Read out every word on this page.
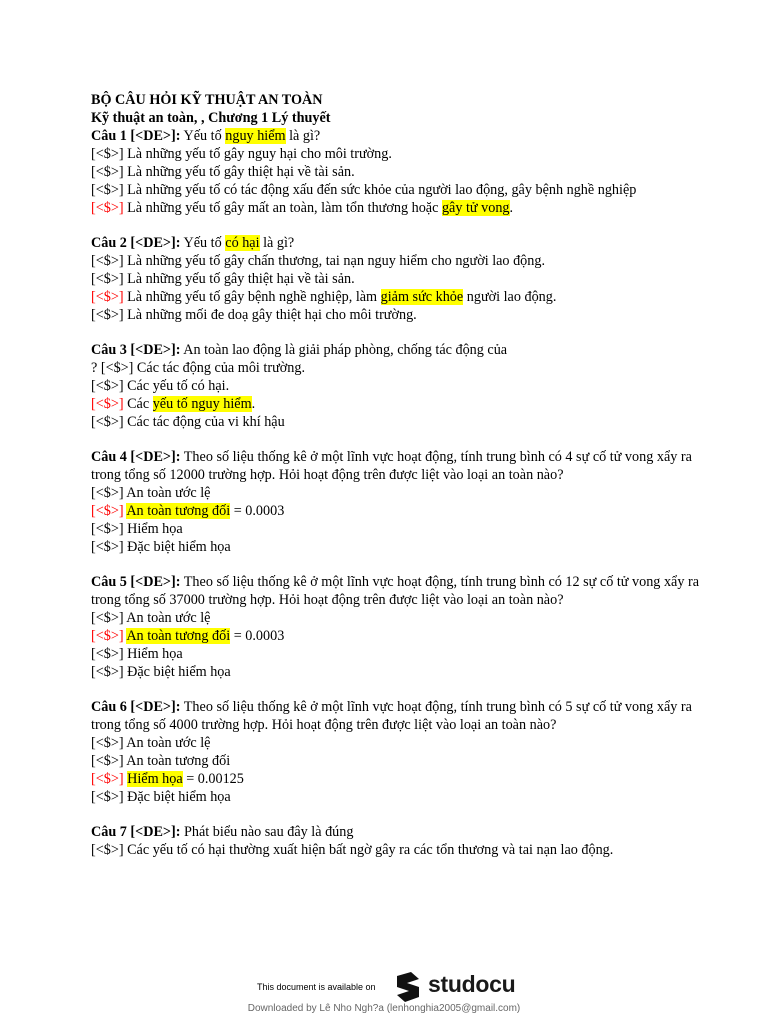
BỘ CÂU HỎI KỸ THUẬT AN TOÀN
Kỹ thuật an toàn, , Chương 1 Lý thuyết
Câu 1 [<DE>]: Yếu tố nguy hiểm là gì?
[<$>] Là những yếu tố gây nguy hại cho môi trường.
[<$>] Là những yếu tố gây thiệt hại về tài sản.
[<$>] Là những yếu tố có tác động xấu đến sức khỏe của người lao động, gây bệnh nghề nghiệp
[<$>] Là những yếu tố gây mất an toàn, làm tổn thương hoặc gây tử vong.
Câu 2 [<DE>]: Yếu tố có hại là gì?
[<$>] Là những yếu tố gây chấn thương, tai nạn nguy hiểm cho người lao động.
[<$>] Là những yếu tố gây thiệt hại về tài sản.
[<$>] Là những yếu tố gây bệnh nghề nghiệp, làm giảm sức khỏe người lao động.
[<$>] Là những mối đe doạ gây thiệt hại cho môi trường.
Câu 3 [<DE>]: An toàn lao động là giải pháp phòng, chống tác động của
? [<$>] Các tác động của môi trường.
[<$>] Các yếu tố có hại.
[<$>] Các yếu tố nguy hiểm.
[<$>] Các tác động của vi khí hậu
Câu 4 [<DE>]: Theo số liệu thống kê ở một lĩnh vực hoạt động, tính trung bình có 4 sự cố tử vong xẩy ra trong tổng số 12000 trường hợp. Hỏi hoạt động trên được liệt vào loại an toàn nào?
[<$>] An toàn ước lệ
[<$>] An toàn tương đối = 0.0003
[<$>] Hiểm họa
[<$>] Đặc biệt hiểm họa
Câu 5 [<DE>]: Theo số liệu thống kê ở một lĩnh vực hoạt động, tính trung bình có 12 sự cố tử vong xẩy ra trong tổng số 37000 trường hợp. Hỏi hoạt động trên được liệt vào loại an toàn nào?
[<$>] An toàn ước lệ
[<$>] An toàn tương đối = 0.0003
[<$>] Hiểm họa
[<$>] Đặc biệt hiểm họa
Câu 6 [<DE>]: Theo số liệu thống kê ở một lĩnh vực hoạt động, tính trung bình có 5 sự cố tử vong xẩy ra trong tổng số 4000 trường hợp. Hỏi hoạt động trên được liệt vào loại an toàn nào?
[<$>] An toàn ước lệ
[<$>] An toàn tương đối
[<$>] Hiểm họa = 0.00125
[<$>] Đặc biệt hiểm họa
Câu 7 [<DE>]: Phát biểu nào sau đây là đúng
[<$>] Các yếu tố có hại thường xuất hiện bất ngờ gây ra các tổn thương và tai nạn lao động.
This document is available on studocu
Downloaded by Lê Nho Ngh?a (lenhonghia2005@gmail.com)
